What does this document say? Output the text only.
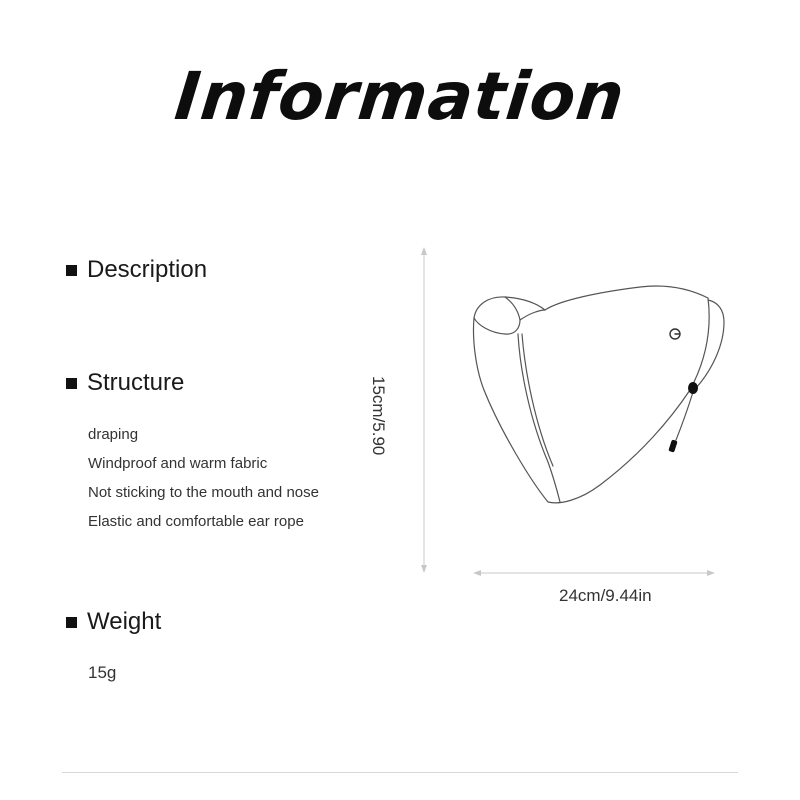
Information
Description
Structure
draping
Windproof and warm fabric
Not sticking to the mouth and nose
Elastic and comfortable ear rope
Weight
15g
15cm/5.90
24cm/9.44in
